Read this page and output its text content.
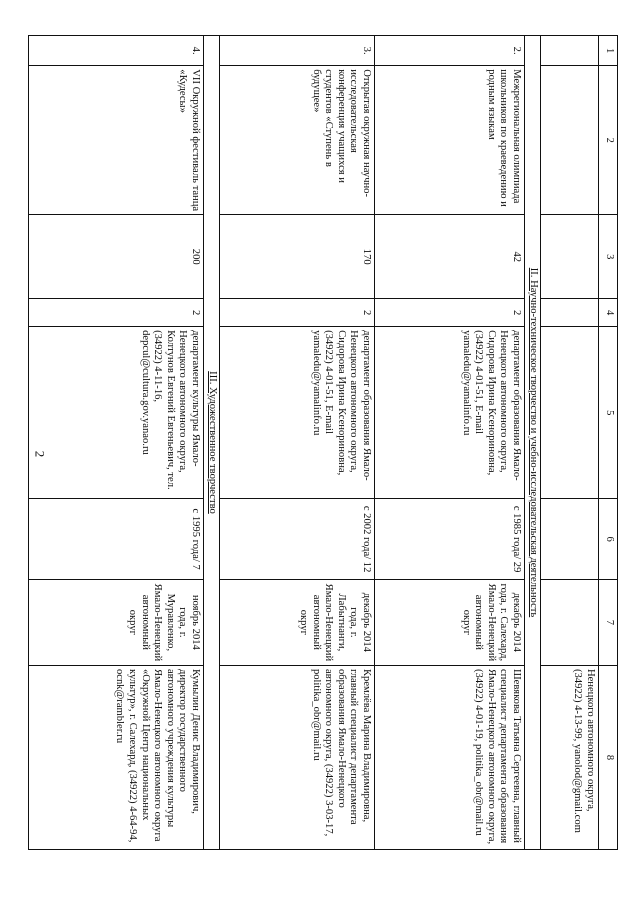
2
1	2	3	4	5	6	7	8
							Ненецкого автономного округа, (34922) 4-13-99, yanolod@gmail.com
II. Научно-техническое творчество и учебно-исследовательская деятельность							
2.	Межрегиональная олимпиада школьников по краеведению и родным языкам	42	2	департамент образования Ямало-Ненецкого автономного округа, Сидорова Ирина Ксенориновна, (34922) 4-01-51, E-mail yamaledu@yamalinfo.ru	с 1985 года/ 29	декабрь 2014 года, г. Салехард, Ямало-Ненецкий автономный округ	Шевякова Татьяна Сергеевна, главный специалист департамента образования Ямало-Ненецкого автономного округа, (34922) 4-01-19, politika_obr@mail.ru
3.	Открытая окружная научно-исследовательская конференция учащихся и студентов «Ступень в будущее»	170	2	департамент образования Ямало-Ненецкого автономного округа, Сидорова Ирина Ксенориновна, (34922) 4-01-51, E-mail yamaledu@yamalinfo.ru	с 2002 года/ 12	декабрь 2014 года, г. Лабытнанги, Ямало-Ненецкий автономный округ	Кремлёва Марина Владимировна, главный специалист департамента образования Ямало-Ненецкого автономного округа, (34922) 3-03-17, politika_obr@mail.ru
III. Художественное творчество							
4.	VII Окружной фестиваль танца «Кудесы»	200	2	департамент культуры Ямало-Ненецкого автономного округа, Колтунов Евгений Евгеньевич, тел. (34922) 4-11-16, depcul@cultura.gov.yanao.ru	с 1995 года/ 7	ноябрь 2014 года, г. Муравленко, Ямало-Ненецкий автономный округ	Кумылин Денис Владимирович, директор государственного автономного учреждения культуры Ямало-Ненецкого автономного округа «Окружной Центр национальных культур», г. Салехард, (34922) 4-64-94, ocnk@rambler.ru
